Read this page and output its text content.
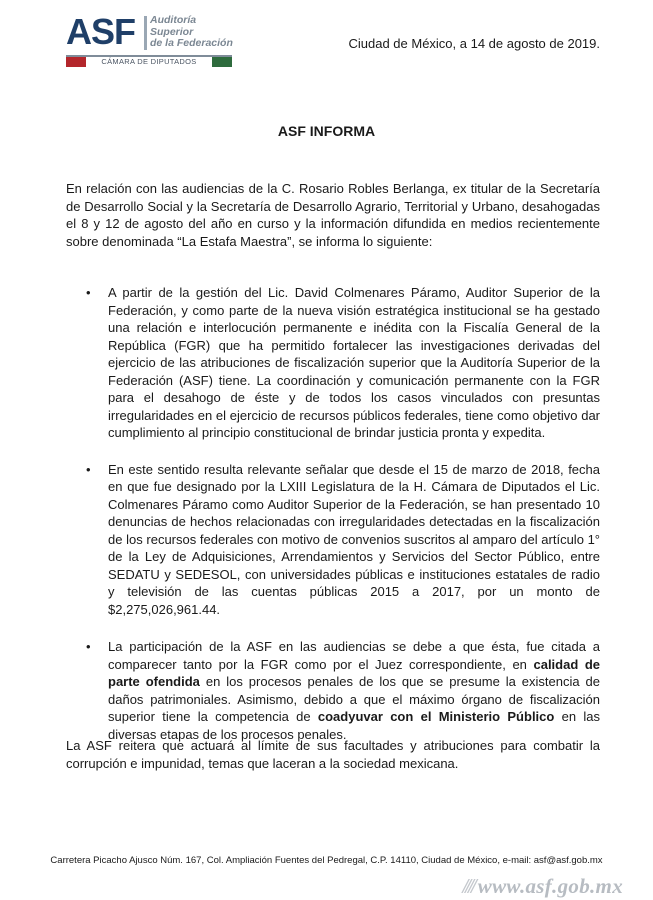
ASF Auditoría
Superior
de la Federación
CÁMARA DE DIPUTADOS
Ciudad de México, a 14 de agosto de 2019.
ASF INFORMA

En relación con las audiencias de la C. Rosario Robles Berlanga, ex titular de la Secretaría de Desarrollo Social y la Secretaría de Desarrollo Agrario, Territorial y Urbano, desahogadas el 8 y 12 de agosto del año en curso y la información difundida en medios recientemente sobre denominada “La Estafa Maestra”, se informa lo siguiente:

• A partir de la gestión del Lic. David Colmenares Páramo, Auditor Superior de la Federación, y como parte de la nueva visión estratégica institucional se ha gestado una relación e interlocución permanente e inédita con la Fiscalía General de la República (FGR) que ha permitido fortalecer las investigaciones derivadas del ejercicio de las atribuciones de fiscalización superior que la Auditoría Superior de la Federación (ASF) tiene. La coordinación y comunicación permanente con la FGR para el desahogo de éste y de todos los casos vinculados con presuntas irregularidades en el ejercicio de recursos públicos federales, tiene como objetivo dar cumplimiento al principio constitucional de brindar justicia pronta y expedita.
• En este sentido resulta relevante señalar que desde el 15 de marzo de 2018, fecha en que fue designado por la LXIII Legislatura de la H. Cámara de Diputados el Lic. Colmenares Páramo como Auditor Superior de la Federación, se han presentado 10 denuncias de hechos relacionadas con irregularidades detectadas en la fiscalización de los recursos federales con motivo de convenios suscritos al amparo del artículo 1° de la Ley de Adquisiciones, Arrendamientos y Servicios del Sector Público, entre SEDATU y SEDESOL, con universidades públicas e instituciones estatales de radio y televisión de las cuentas públicas 2015 a 2017, por un monto de $2,275,026,961.44.
• La participación de la ASF en las audiencias se debe a que ésta, fue citada a comparecer tanto por la FGR como por el Juez correspondiente, en calidad de parte ofendida en los procesos penales de los que se presume la existencia de daños patrimoniales. Asimismo, debido a que el máximo órgano de fiscalización superior tiene la competencia de coadyuvar con el Ministerio Público en las diversas etapas de los procesos penales.

La ASF reitera que actuará al límite de sus facultades y atribuciones para combatir la corrupción e impunidad, temas que laceran a la sociedad mexicana.

Carretera Picacho Ajusco Núm. 167, Col. Ampliación Fuentes del Pedregal, C.P. 14110, Ciudad de México, e-mail: asf@asf.gob.mx
//// www.asf.gob.mx
